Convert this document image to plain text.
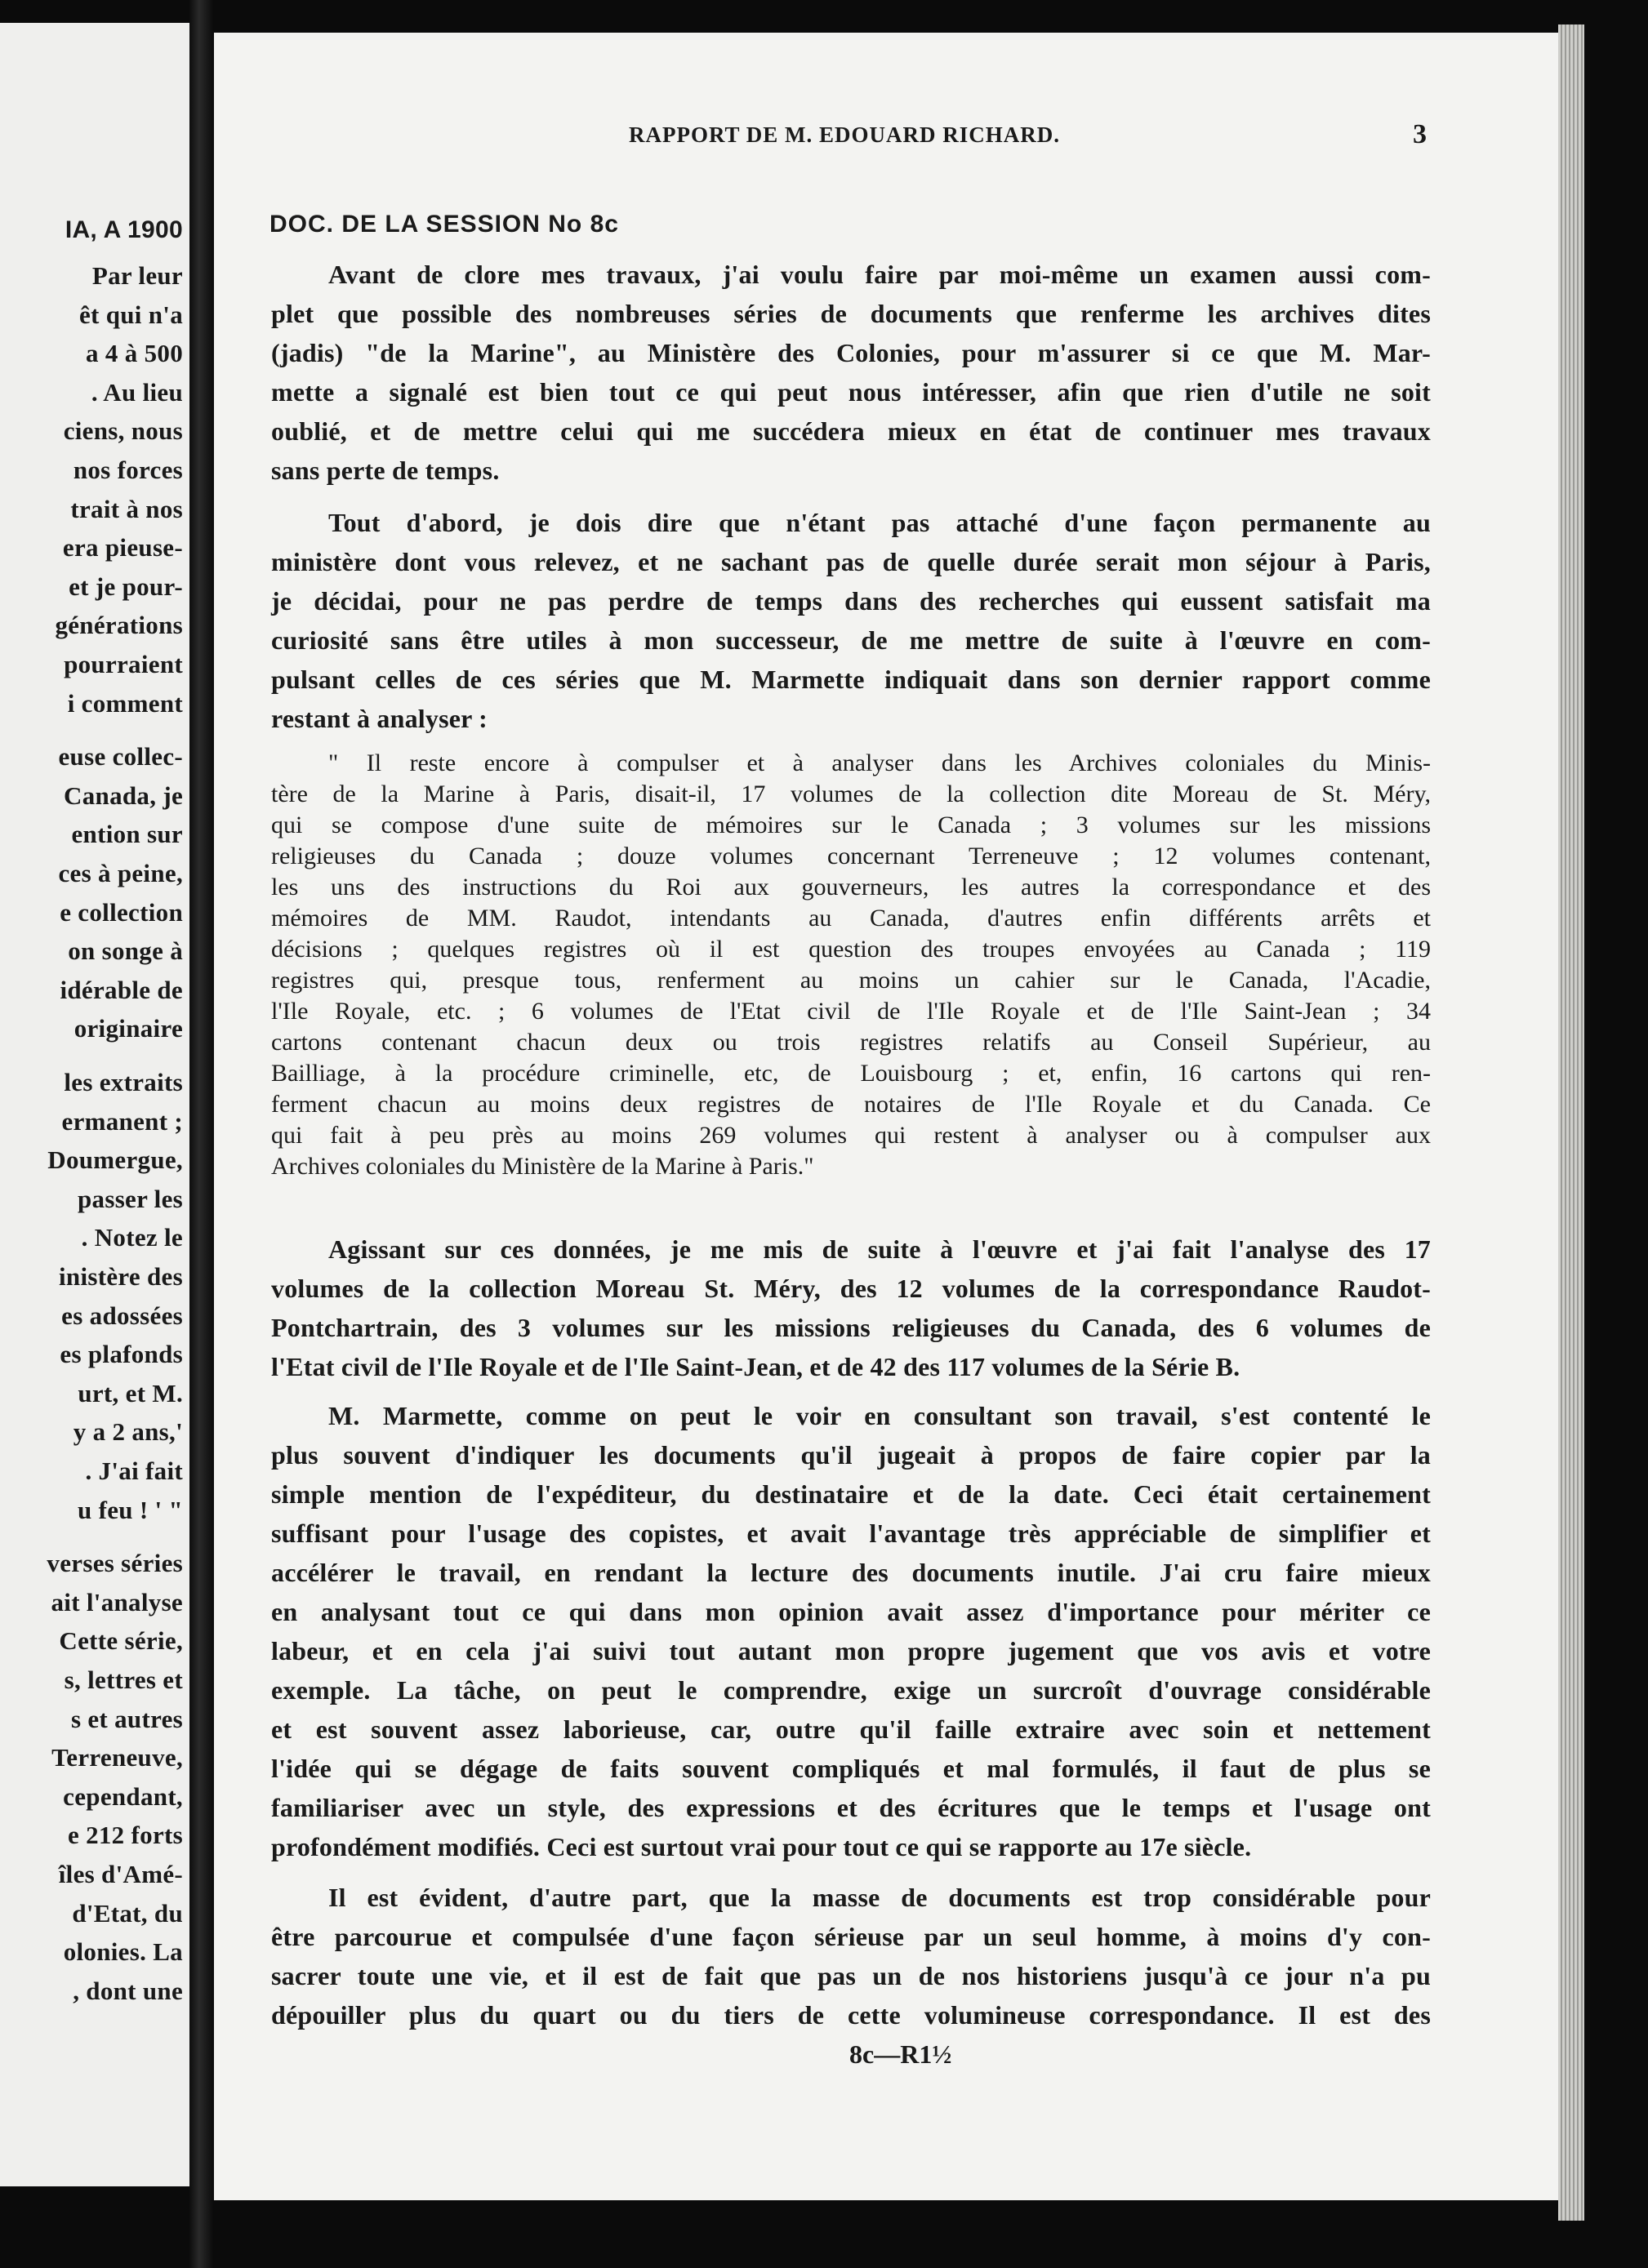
IA, A 1900
Par leur
êt qui n'a
a 4 à 500
. Au lieu
ciens, nous
nos forces
trait à nos
era pieuse-
et je pour-
générations
pourraient
i comment
euse collec-
Canada, je
ention sur
ces à peine,
e collection
on songe à
idérable de
originaire
les extraits
ermanent ;
Doumergue,
passer les
. Notez le
inistère des
es adossées
es plafonds
urt, et M.
y a 2 ans,'
. J'ai fait
u feu ! ' "
verses séries
ait l'analyse
Cette série,
s, lettres et
s et autres
Terreneuve,
cependant,
e 212 forts
îles d'Amé-
d'Etat, du
olonies. La
, dont une
RAPPORT DE M. EDOUARD RICHARD.	3
DOC. DE LA SESSION No 8c
Avant de clore mes travaux, j'ai voulu faire par moi-même un examen aussi com-
plet que possible des nombreuses séries de documents que renferme les archives dites
(jadis) "de la Marine", au Ministère des Colonies, pour m'assurer si ce que M. Mar-
mette a signalé est bien tout ce qui peut nous intéresser, afin que rien d'utile ne soit
oublié, et de mettre celui qui me succédera mieux en état de continuer mes travaux
sans perte de temps.
Tout d'abord, je dois dire que n'étant pas attaché d'une façon permanente au
ministère dont vous relevez, et ne sachant pas de quelle durée serait mon séjour à Paris,
je décidai, pour ne pas perdre de temps dans des recherches qui eussent satisfait ma
curiosité sans être utiles à mon successeur, de me mettre de suite à l'œuvre en com-
pulsant celles de ces séries que M. Marmette indiquait dans son dernier rapport comme
restant à analyser :
" Il reste encore à compulser et à analyser dans les Archives coloniales du Minis-
tère de la Marine à Paris, disait-il, 17 volumes de la collection dite Moreau de St. Méry,
qui se compose d'une suite de mémoires sur le Canada ; 3 volumes sur les missions
religieuses du Canada ; douze volumes concernant Terreneuve ; 12 volumes contenant,
les uns des instructions du Roi aux gouverneurs, les autres la correspondance et des
mémoires de MM. Raudot, intendants au Canada, d'autres enfin différents arrêts et
décisions ; quelques registres où il est question des troupes envoyées au Canada ; 119
registres qui, presque tous, renferment au moins un cahier sur le Canada, l'Acadie,
l'Ile Royale, etc. ; 6 volumes de l'Etat civil de l'Ile Royale et de l'Ile Saint-Jean ; 34
cartons contenant chacun deux ou trois registres relatifs au Conseil Supérieur, au
Bailliage, à la procédure criminelle, etc, de Louisbourg ; et, enfin, 16 cartons qui ren-
ferment chacun au moins deux registres de notaires de l'Ile Royale et du Canada. Ce
qui fait à peu près au moins 269 volumes qui restent à analyser ou à compulser aux
Archives coloniales du Ministère de la Marine à Paris."
Agissant sur ces données, je me mis de suite à l'œuvre et j'ai fait l'analyse des 17
volumes de la collection Moreau St. Méry, des 12 volumes de la correspondance Raudot-
Pontchartrain, des 3 volumes sur les missions religieuses du Canada, des 6 volumes de
l'Etat civil de l'Ile Royale et de l'Ile Saint-Jean, et de 42 des 117 volumes de la Série B.
M. Marmette, comme on peut le voir en consultant son travail, s'est contenté le
plus souvent d'indiquer les documents qu'il jugeait à propos de faire copier par la
simple mention de l'expéditeur, du destinataire et de la date. Ceci était certainement
suffisant pour l'usage des copistes, et avait l'avantage très appréciable de simplifier et
accélérer le travail, en rendant la lecture des documents inutile. J'ai cru faire mieux
en analysant tout ce qui dans mon opinion avait assez d'importance pour mériter ce
labeur, et en cela j'ai suivi tout autant mon propre jugement que vos avis et votre
exemple. La tâche, on peut le comprendre, exige un surcroît d'ouvrage considérable
et est souvent assez laborieuse, car, outre qu'il faille extraire avec soin et nettement
l'idée qui se dégage de faits souvent compliqués et mal formulés, il faut de plus se
familiariser avec un style, des expressions et des écritures que le temps et l'usage ont
profondément modifiés. Ceci est surtout vrai pour tout ce qui se rapporte au 17e siècle.
Il est évident, d'autre part, que la masse de documents est trop considérable pour
être parcourue et compulsée d'une façon sérieuse par un seul homme, à moins d'y con-
sacrer toute une vie, et il est de fait que pas un de nos historiens jusqu'à ce jour n'a pu
dépouiller plus du quart ou du tiers de cette volumineuse correspondance. Il est des
8c—R1½
